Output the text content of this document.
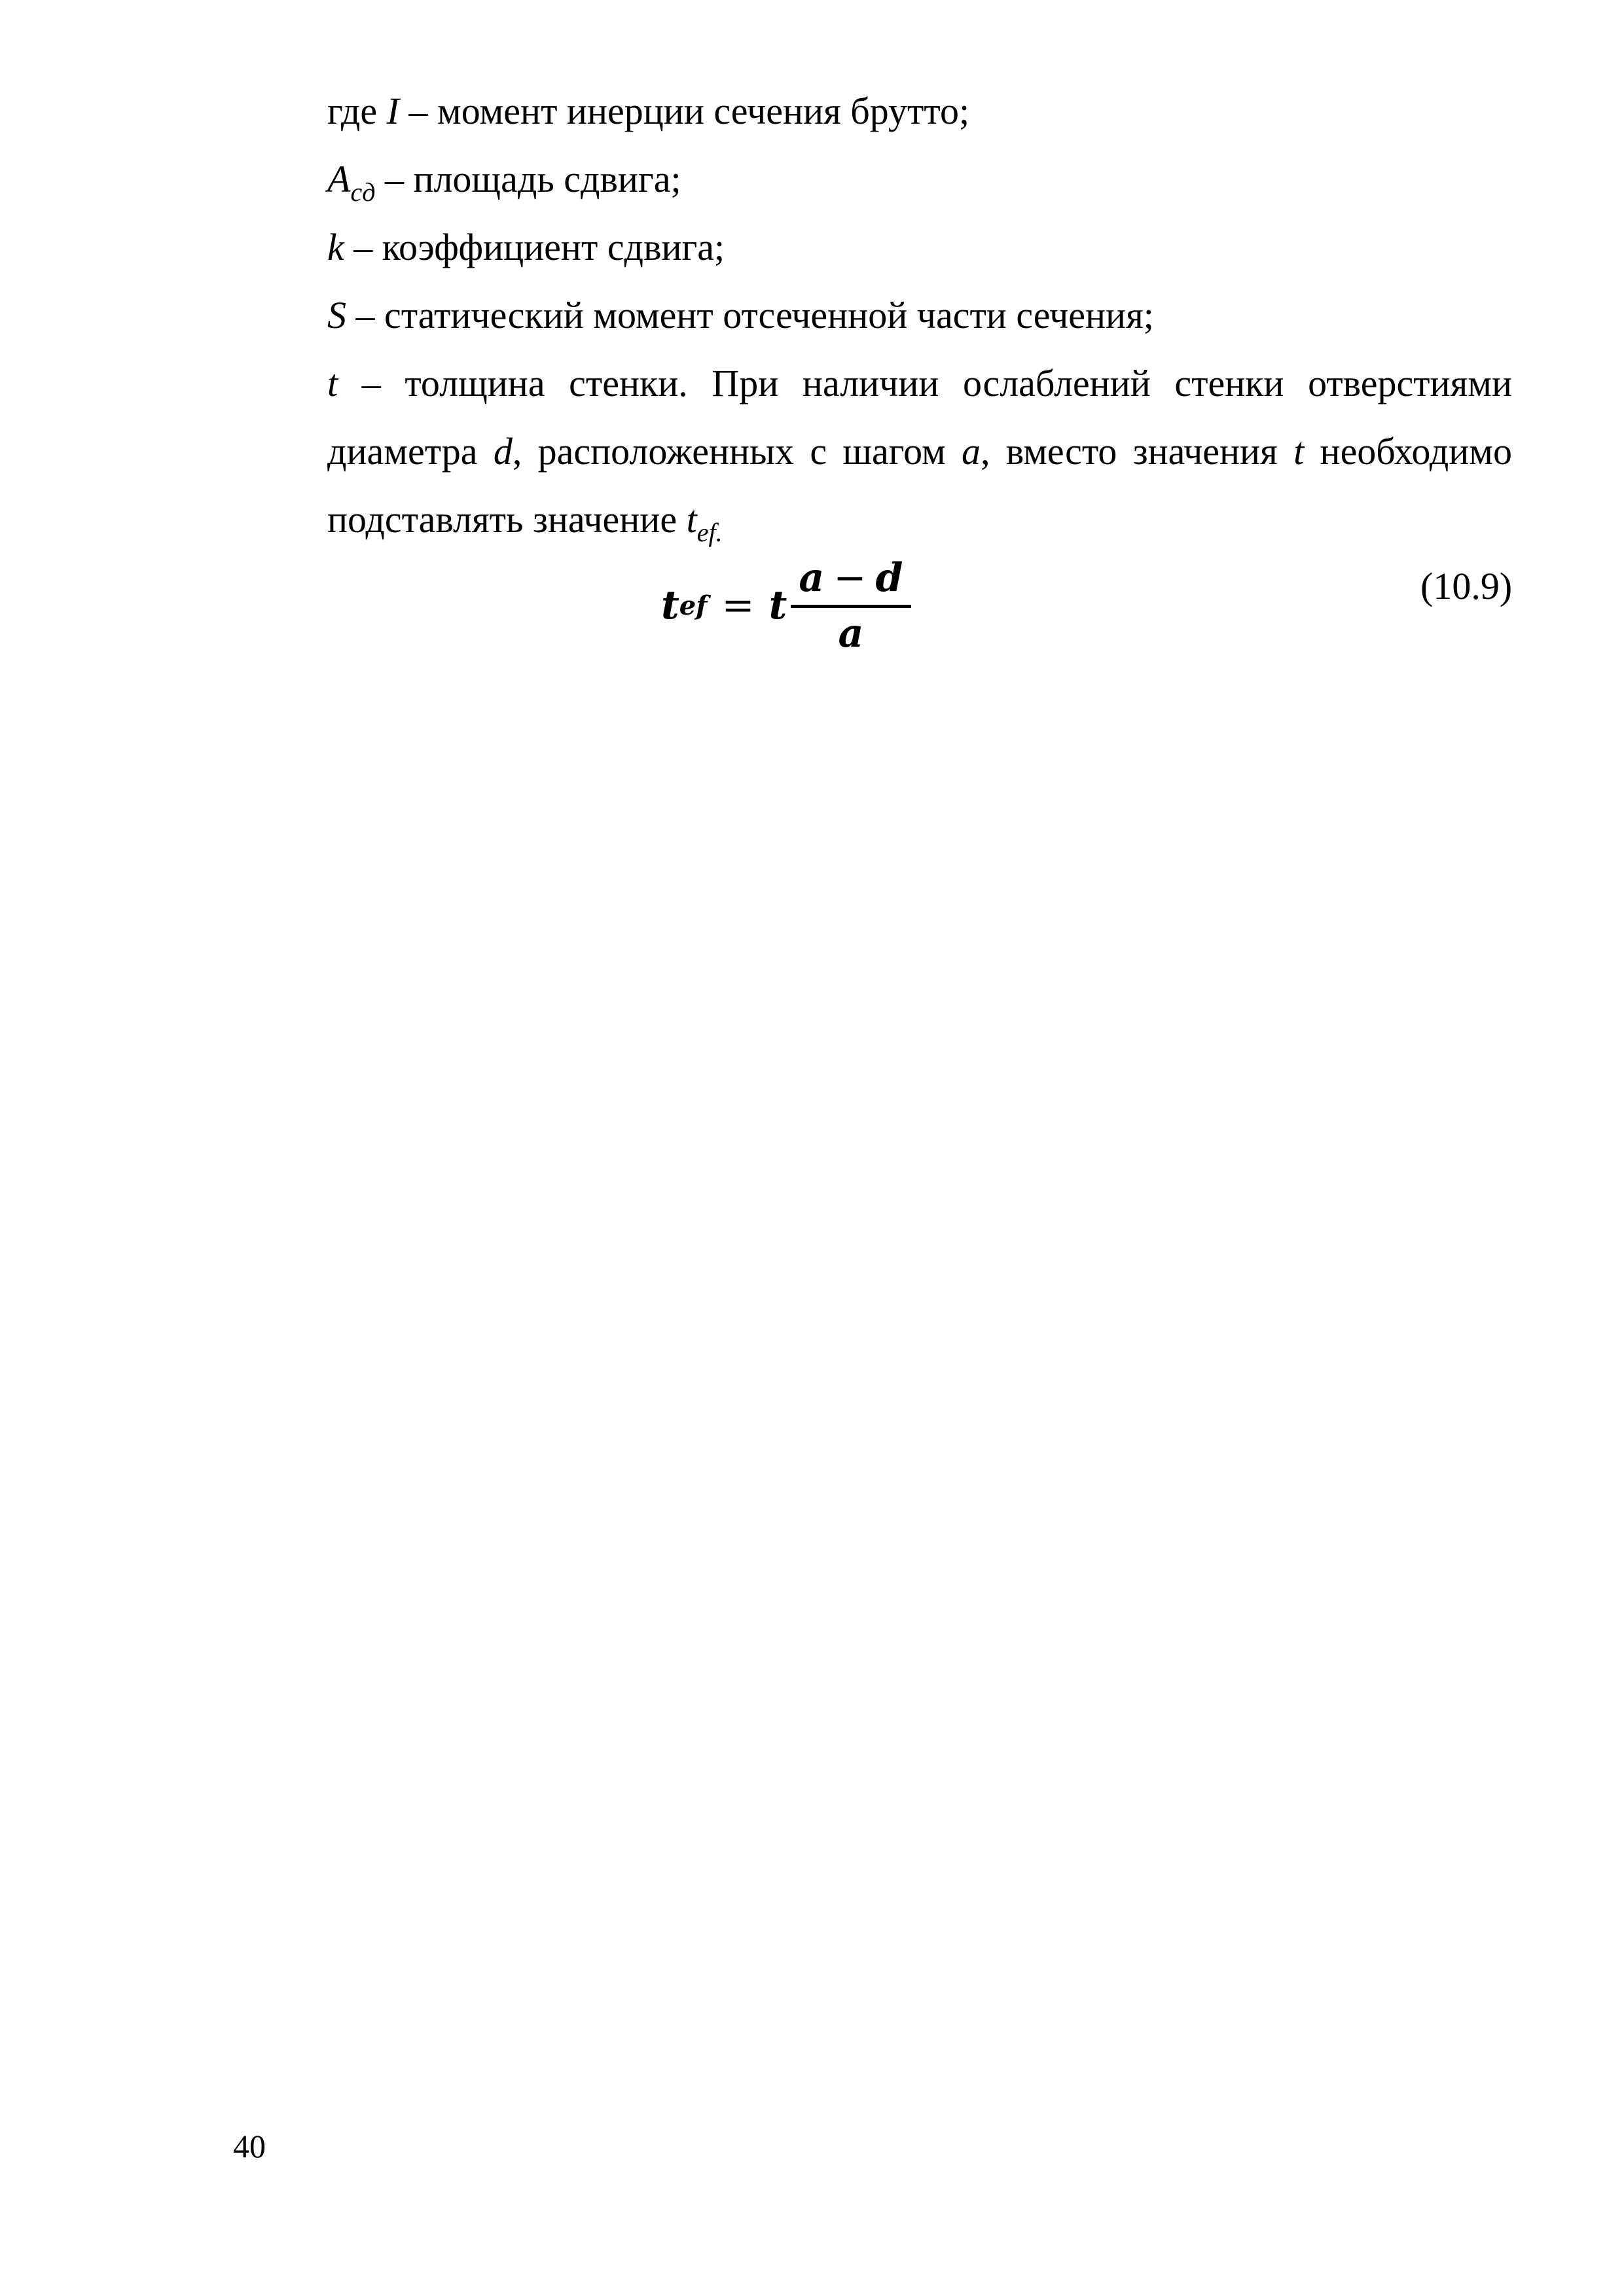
где I – момент инерции сечения брутто;
$A_{сд}$ – площадь сдвига;
k – коэффициент сдвига;
S – статический момент отсеченной части сечения;
t – толщина стенки. При наличии ослаблений стенки отверстиями
диаметра d, расположенных с шагом a, вместо значения t необходимо
подставлять значение $t_{ef.}$
t ef = t $\frac{a - d}{a}$	(10.9)
40
